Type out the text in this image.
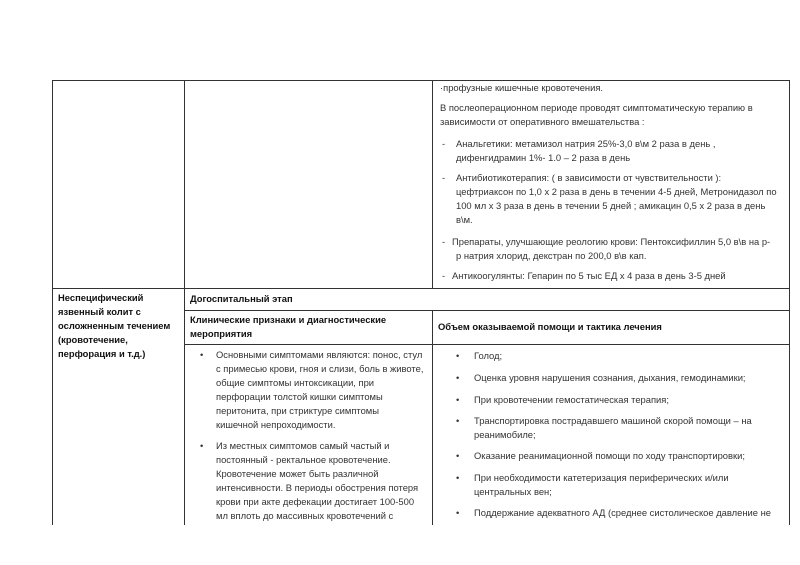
·профузные кишечные кровотечения.
В послеоперационном периоде проводят симптоматическую терапию в
зависимости от оперативного вмешательства :
- Анальгетики: метамизол натрия 25%-3,0 в\м 2 раза в день ,
дифенгидрамин 1%- 1.0 – 2 раза в день
- Антибиотикотерапия: ( в зависимости от чувствительности ):
цефтриаксон по 1,0 х 2 раза в день в течении 4-5 дней, Метронидазол по
100 мл х 3 раза в день в течении 5 дней ; амикацин 0,5 х 2 раза в день
в\м.
- Препараты, улучшающие реологию крови: Пентоксифиллин 5,0 в\в на р-
р натрия хлорид, декстран по 200,0 в\в кап.
- Антикоогулянты: Гепарин по 5 тыс ЕД х 4 раза в день 3-5 дней
Неспецифический
язвенный колит с
осложненным течением
(кровотечение,
перфорация и т.д.)
Догоспитальный этап
Клинические признаки и диагностические
мероприятия
Объем оказываемой помощи и тактика лечения
• Основными симптомами являются: понос, стул
с примесью крови, гноя и слизи, боль в животе,
общие симптомы интоксикации, при
перфорации толстой кишки симптомы
перитонита, при стриктуре симптомы
кишечной непроходимости.
• Из местных симптомов самый частый и
постоянный - ректальное кровотечение.
Кровотечение может быть различной
интенсивности. В периоды обострения потеря
крови при акте дефекации достигает 100-500
мл вплоть до массивных кровотечений с
• Голод;
• Оценка уровня нарушения сознания, дыхания, гемодинамики;
• При кровотечении гемостатическая терапия;
• Транспортировка пострадавшего машиной скорой помощи – на
реанимобиле;
• Оказание реанимационной помощи по ходу транспортировки;
• При необходимости катетеризация периферических и/или
центральных вен;
• Поддержание адекватного АД (среднее систолическое давление не
